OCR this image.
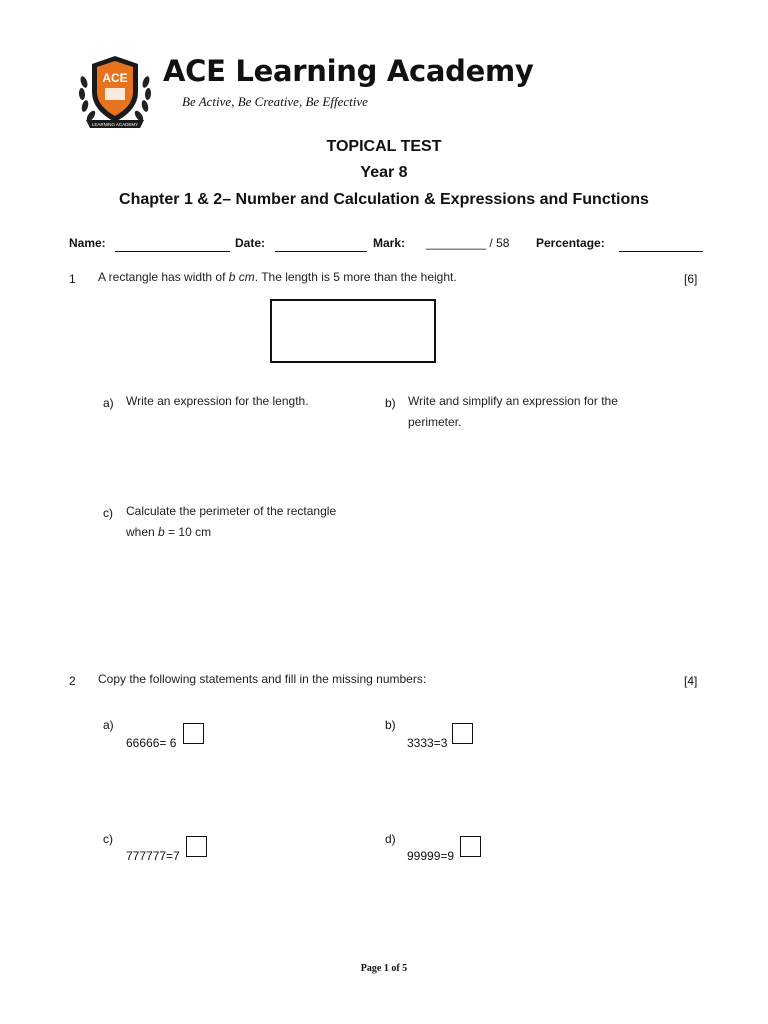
ACE
LEARNING ACADEMY
ACE Learning Academy
Be Active, Be Creative, Be Effective
TOPICAL TEST
Year 8
Chapter 1 & 2– Number and Calculation & Expressions and Functions
Name:	Date:	Mark: _________ / 58 Percentage:
1 A rectangle has width of b cm. The length is 5 more than the height.	[6]
a) Write an expression for the length.	b) Write and simplify an expression for the perimeter.
c) Calculate the perimeter of the rectangle
when b = 10 cm
2 Copy the following statements and fill in the missing numbers:	[4]
a)
66666= 6
b)
3333=3
c)
777777=7
d)
99999=9
Page 1 of 5
